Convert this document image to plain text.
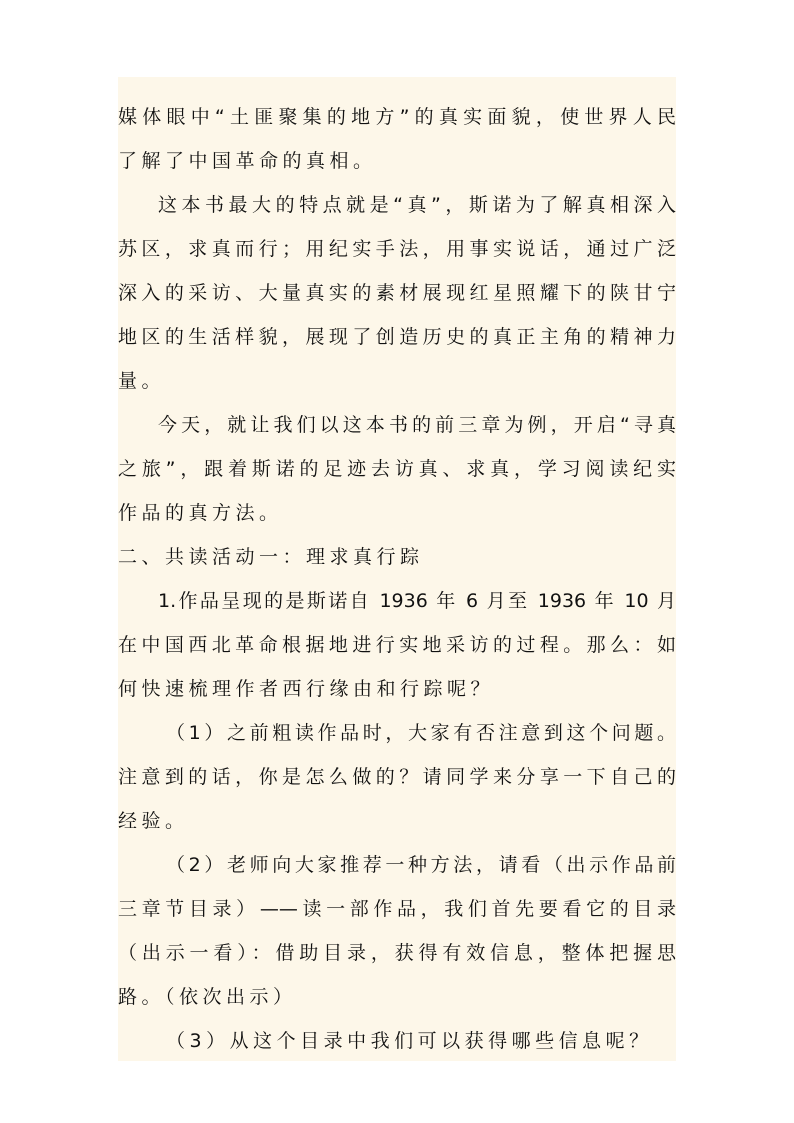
媒体眼中“土匪聚集的地方”的真实面貌，使世界人民
了解了中国革命的真相。
这本书最大的特点就是“真”，斯诺为了解真相深入
苏区，求真而行；用纪实手法，用事实说话，通过广泛
深入的采访、大量真实的素材展现红星照耀下的陕甘宁
地区的生活样貌，展现了创造历史的真正主角的精神力
量。
今天，就让我们以这本书的前三章为例，开启“寻真
之旅”，跟着斯诺的足迹去访真、求真，学习阅读纪实
作品的真方法。
二、共读活动一：理求真行踪
1.作品呈现的是斯诺自 1936 年 6 月至 1936 年 10 月
在中国西北革命根据地进行实地采访的过程。那么：如
何快速梳理作者西行缘由和行踪呢？
（1）之前粗读作品时，大家有否注意到这个问题。
注意到的话，你是怎么做的？请同学来分享一下自己的
经验。
（2）老师向大家推荐一种方法，请看（出示作品前
三章节目录）——读一部作品，我们首先要看它的目录
（出示一看）：借助目录，获得有效信息，整体把握思
路。（依次出示）
（3）从这个目录中我们可以获得哪些信息呢？
